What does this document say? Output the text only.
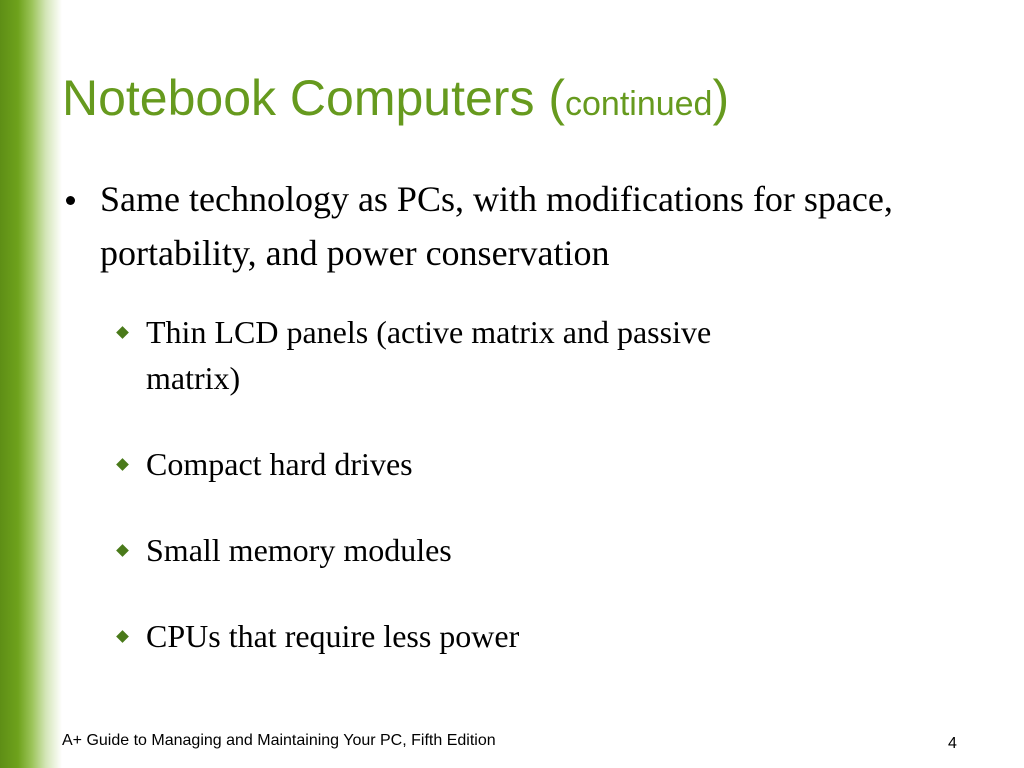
Notebook Computers (continued)
Same technology as PCs, with modifications for space, portability, and power conservation
Thin LCD panels (active matrix and passive matrix)
Compact hard drives
Small memory modules
CPUs that require less power
A+ Guide to Managing and Maintaining Your PC, Fifth Edition	4
